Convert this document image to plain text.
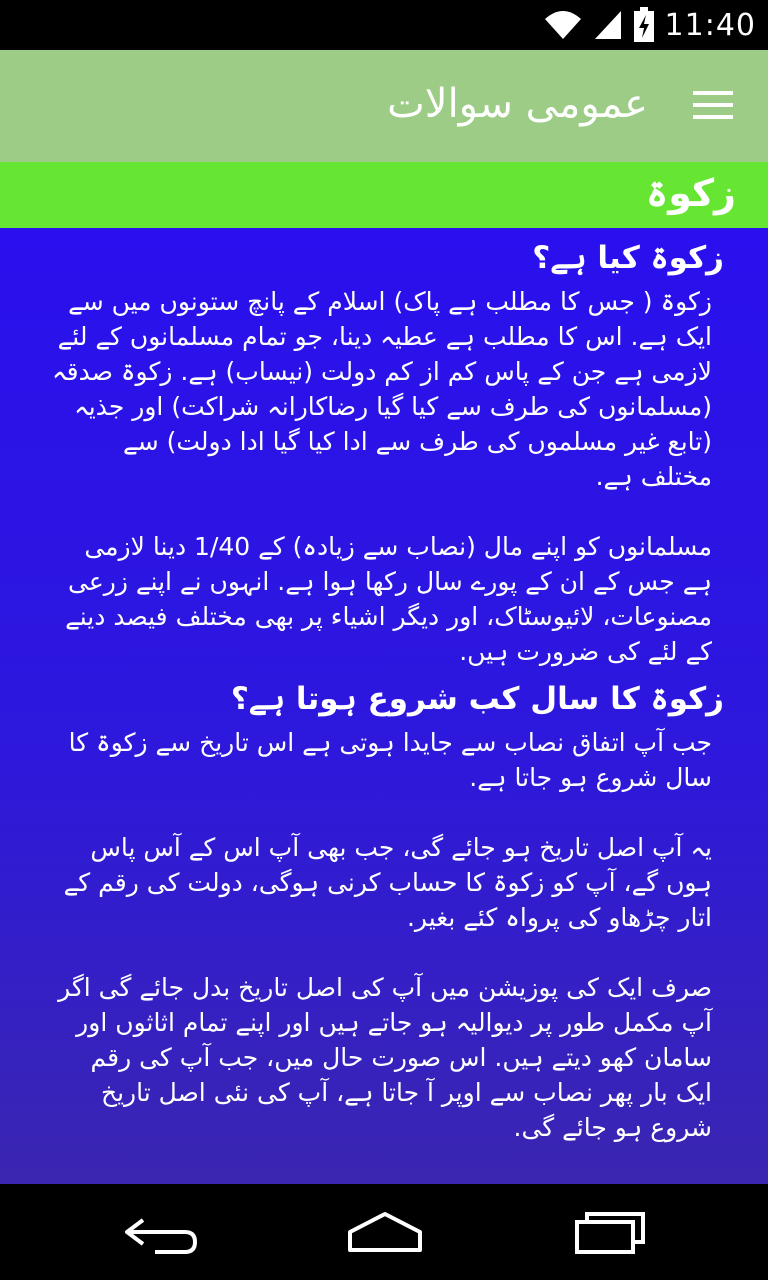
11:40
عمومی سوالات
زکوۃ
زکوۃ کیا ہے؟

زکوۃ ( جس کا مطلب ہے پاک) اسلام کے پانچ ستونوں میں سے ایک ہے. اس کا مطلب ہے عطیہ دینا، جو تمام مسلمانوں کے لئے لازمی ہے جن کے پاس کم از کم دولت (نیساب) ہے. زکوۃ صدقہ (مسلمانوں کی طرف سے کیا گیا رضاکارانہ شراکت) اور جذیہ (تابع غیر مسلموں کی طرف سے ادا کیا گیا ادا دولت) سے مختلف ہے.

مسلمانوں کو اپنے مال (نصاب سے زیادہ) کے 1/40 دینا لازمی ہے جس کے ان کے پورے سال رکھا ہوا ہے. انہوں نے اپنے زرعی مصنوعات، لائیوسٹاک، اور دیگر اشیاء پر بھی مختلف فیصد دینے کے لئے کی ضرورت ہیں.

زکوۃ کا سال کب شروع ہوتا ہے؟

جب آپ اتفاق نصاب سے جایدا ہوتی ہے اس تاریخ سے زکوۃ کا سال شروع ہو جاتا ہے.

یہ آپ اصل تاریخ ہو جائے گی، جب بھی آپ اس کے آس پاس ہوں گے، آپ کو زکوۃ کا حساب کرنی ہوگی، دولت کی رقم کے اتار چڑھاو کی پرواہ کئے بغیر.

صرف ایک کی پوزیشن میں آپ کی اصل تاریخ بدل جائے گی اگر آپ مکمل طور پر دیوالیہ ہو جاتے ہیں اور اپنے تمام اثاثوں اور سامان کھو دیتے ہیں. اس صورت حال میں، جب آپ کی رقم ایک بار پھر نصاب سے اوپر آ جاتا ہے، آپ کی نئی اصل تاریخ شروع ہو جائے گی.
